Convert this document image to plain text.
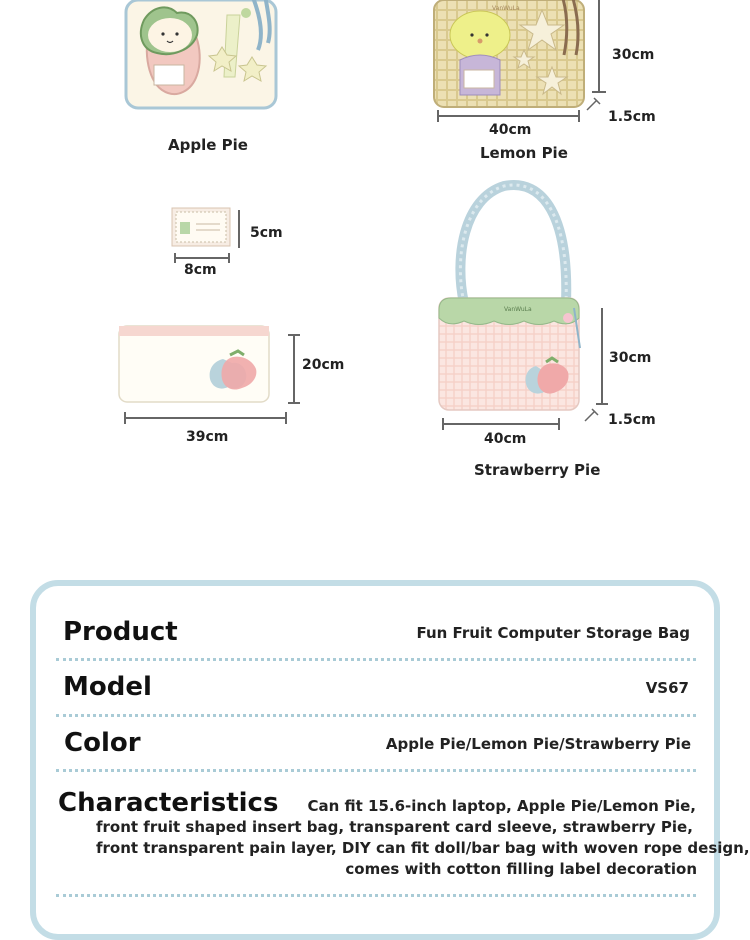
Apple Pie
VanWuLa
30cm
40cm
1.5cm
Lemon Pie
5cm
8cm
20cm
39cm
VanWuLa
30cm
1.5cm
40cm
Strawberry Pie
Product	Fun Fruit Computer Storage Bag
Model	VS67
Color	Apple Pie/Lemon Pie/Strawberry Pie
Characteristics	Can fit 15.6-inch laptop, Apple Pie/Lemon Pie,
front fruit shaped insert bag, transparent card sleeve, strawberry Pie,
front transparent pain layer, DIY can fit doll/bar bag with woven rope design,
comes with cotton filling label decoration
